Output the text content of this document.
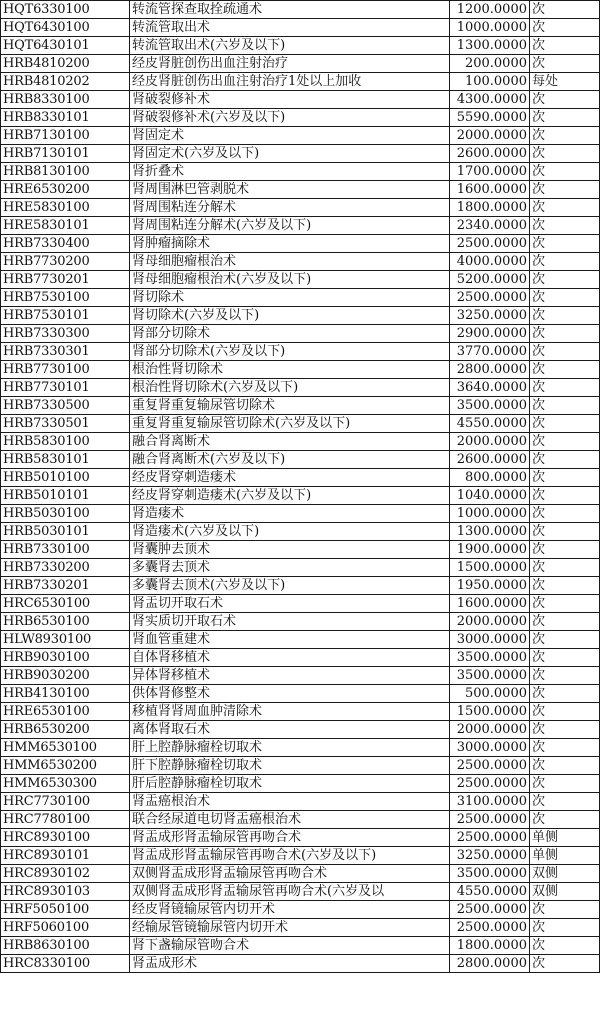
HQT6330100	转流管探查取拴疏通术	1200.0000	次
HQT6430100	转流管取出术	1000.0000	次
HQT6430101	转流管取出术(六岁及以下)	1300.0000	次
HRB4810200	经皮肾脏创伤出血注射治疗	200.0000	次
HRB4810202	经皮肾脏创伤出血注射治疗1处以上加收	100.0000	每处
HRB8330100	肾破裂修补术	4300.0000	次
HRB8330101	肾破裂修补术(六岁及以下)	5590.0000	次
HRB7130100	肾固定术	2000.0000	次
HRB7130101	肾固定术(六岁及以下)	2600.0000	次
HRB8130100	肾折叠术	1700.0000	次
HRE6530200	肾周围淋巴管剥脱术	1600.0000	次
HRE5830100	肾周围粘连分解术	1800.0000	次
HRE5830101	肾周围粘连分解术(六岁及以下)	2340.0000	次
HRB7330400	肾肿瘤摘除术	2500.0000	次
HRB7730200	肾母细胞瘤根治术	4000.0000	次
HRB7730201	肾母细胞瘤根治术(六岁及以下)	5200.0000	次
HRB7530100	肾切除术	2500.0000	次
HRB7530101	肾切除术(六岁及以下)	3250.0000	次
HRB7330300	肾部分切除术	2900.0000	次
HRB7330301	肾部分切除术(六岁及以下)	3770.0000	次
HRB7730100	根治性肾切除术	2800.0000	次
HRB7730101	根治性肾切除术(六岁及以下)	3640.0000	次
HRB7330500	重复肾重复输尿管切除术	3500.0000	次
HRB7330501	重复肾重复输尿管切除术(六岁及以下)	4550.0000	次
HRB5830100	融合肾离断术	2000.0000	次
HRB5830101	融合肾离断术(六岁及以下)	2600.0000	次
HRB5010100	经皮肾穿刺造瘘术	800.0000	次
HRB5010101	经皮肾穿刺造瘘术(六岁及以下)	1040.0000	次
HRB5030100	肾造瘘术	1000.0000	次
HRB5030101	肾造瘘术(六岁及以下)	1300.0000	次
HRB7330100	肾囊肿去顶术	1900.0000	次
HRB7330200	多囊肾去顶术	1500.0000	次
HRB7330201	多囊肾去顶术(六岁及以下)	1950.0000	次
HRC6530100	肾盂切开取石术	1600.0000	次
HRB6530100	肾实质切开取石术	2000.0000	次
HLW8930100	肾血管重建术	3000.0000	次
HRB9030100	自体肾移植术	3500.0000	次
HRB9030200	异体肾移植术	3500.0000	次
HRB4130100	供体肾修整术	500.0000	次
HRE6530100	移植肾肾周血肿清除术	1500.0000	次
HRB6530200	离体肾取石术	2000.0000	次
HMM6530100	肝上腔静脉瘤栓切取术	3000.0000	次
HMM6530200	肝下腔静脉瘤栓切取术	2500.0000	次
HMM6530300	肝后腔静脉瘤栓切取术	2500.0000	次
HRC7730100	肾盂癌根治术	3100.0000	次
HRC7780100	联合经尿道电切肾盂癌根治术	2500.0000	次
HRC8930100	肾盂成形肾盂输尿管再吻合术	2500.0000	单侧
HRC8930101	肾盂成形肾盂输尿管再吻合术(六岁及以下)	3250.0000	单侧
HRC8930102	双侧肾盂成形肾盂输尿管再吻合术	3500.0000	双侧
HRC8930103	双侧肾盂成形肾盂输尿管再吻合术(六岁及以	4550.0000	双侧
HRF5050100	经皮肾镜输尿管内切开术	2500.0000	次
HRF5060100	经输尿管镜输尿管内切开术	2500.0000	次
HRB8630100	肾下盏输尿管吻合术	1800.0000	次
HRC8330100	肾盂成形术	2800.0000	次
